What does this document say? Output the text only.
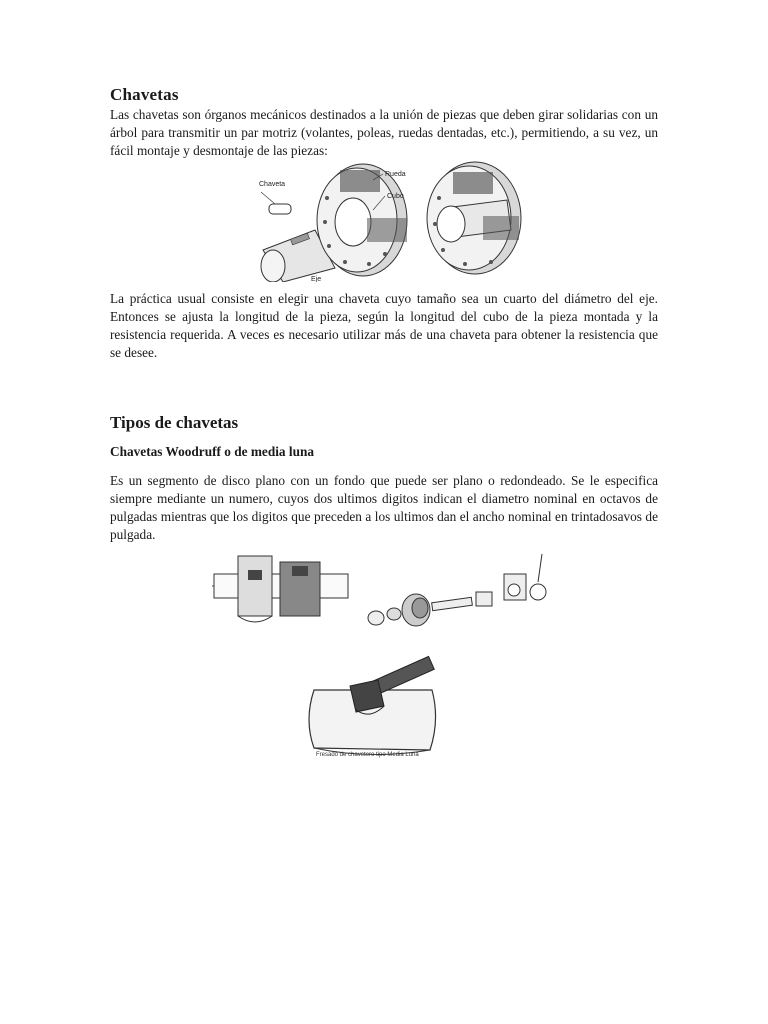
Chavetas

Las chavetas son órganos mecánicos destinados a la unión de piezas que deben girar solidarias con un árbol para transmitir un par motriz (volantes, poleas, ruedas dentadas, etc.), permitiendo, a su vez, un fácil montaje y desmontaje de las piezas:

Chaveta
Eje
Rueda
Cubo

La práctica usual consiste en elegir una chaveta cuyo tamaño sea un cuarto del diámetro del eje. Entonces se ajusta la longitud de la pieza, según la longitud del cubo de la pieza montada y la resistencia requerida. A veces es necesario utilizar más de una chaveta para obtener la resistencia que se desee.

Tipos de chavetas
Chavetas Woodruff o de media luna

Es un segmento de disco plano con un fondo que puede ser plano o redondeado. Se le especifica siempre mediante un numero, cuyos dos ultimos digitos indican el diametro nominal en octavos de pulgadas mientras que los digitos que preceden a los ultimos dan el ancho nominal en trintadosavos de pulgada.

Fresado de chavetero tipo Media Luna
